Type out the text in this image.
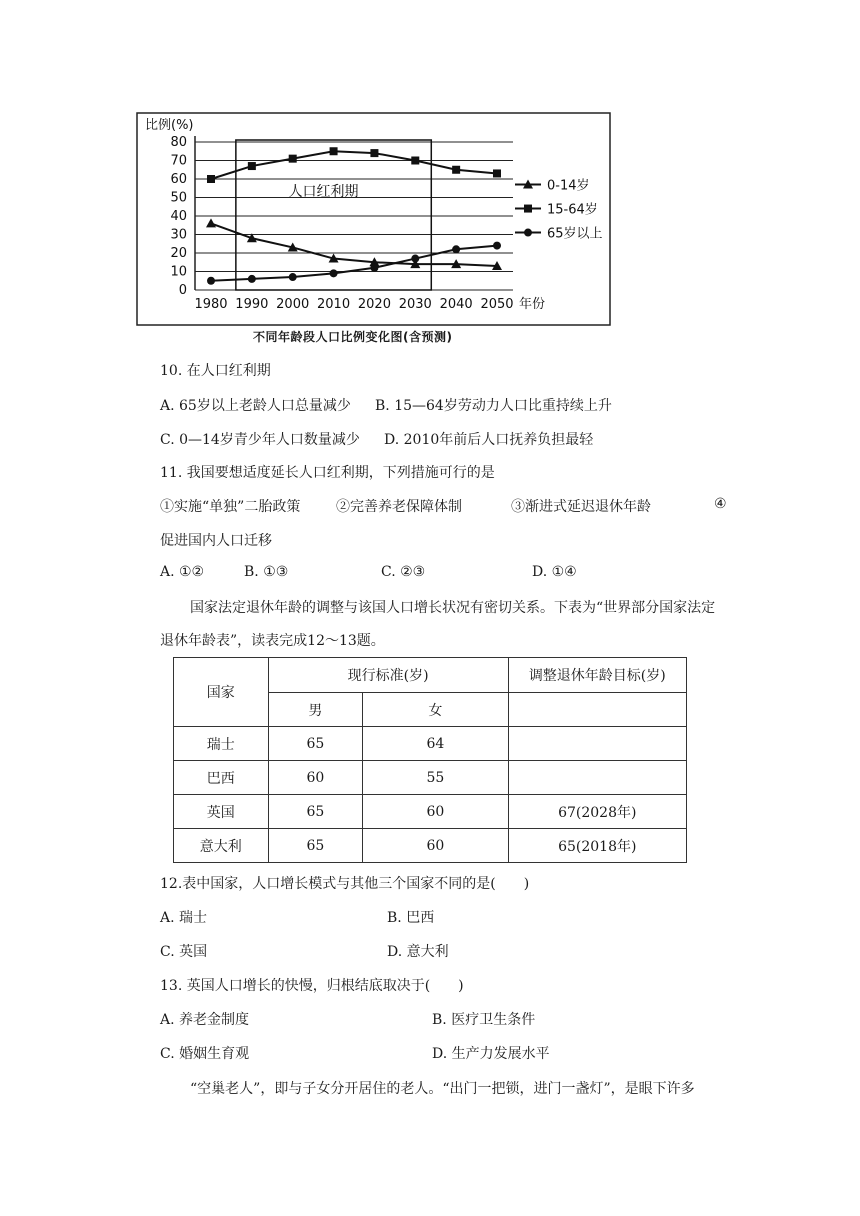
0
10
20
30
40
50
60
70
80
比例(%)
人口红利期
1980 1990 2000 2010 2020 2030 2040 2050 年份
0-14岁
15-64岁
65岁以上
不同年龄段人口比例变化图(含预测)
10. 在人口红利期
A. 65岁以上老龄人口总量减少 B. 15—64岁劳动力人口比重持续上升
C. 0—14岁青少年人口数量减少 D. 2010年前后人口抚养负担最轻
11. 我国要想适度延长人口红利期，下列措施可行的是
①实施“单独”二胎政策	②完善养老保障体制	③渐进式延迟退休年龄	④
促进国内人口迁移
A. ①②	B. ①③	C. ②③	D. ①④
国家法定退休年龄的调整与该国人口增长状况有密切关系。下表为“世界部分国家法定
退休年龄表”，读表完成12～13题。
国家	现行标准(岁)		调整退休年龄目标(岁)
	男	女	
瑞士	65	64	
巴西	60	55	
英国	65	60	67(2028年)
意大利	65	60	65(2018年)
12.表中国家，人口增长模式与其他三个国家不同的是(　　)
A. 瑞士	B. 巴西
C. 英国	D. 意大利
13. 英国人口增长的快慢，归根结底取决于(　　)
A. 养老金制度	B. 医疗卫生条件
C. 婚姻生育观	D. 生产力发展水平
“空巢老人”，即与子女分开居住的老人。“出门一把锁，进门一盏灯”，是眼下许多
